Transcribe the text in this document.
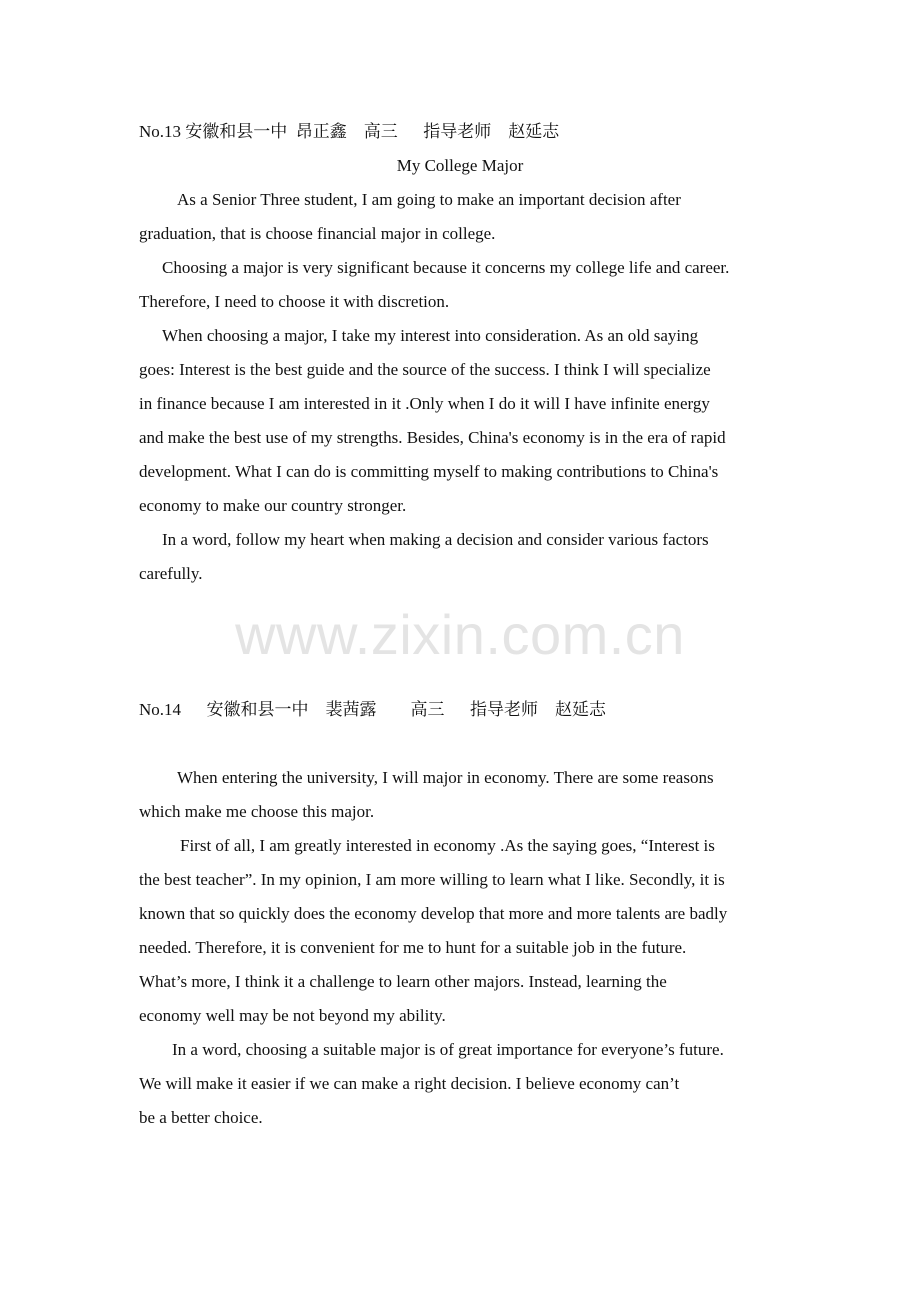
No.13 安徽和县一中  昂正鑫    高三      指导老师    赵延志
My College Major
As a Senior Three student, I am going to make an important decision after
graduation, that is choose financial major in college.
Choosing a major is very significant because it concerns my college life and career.
Therefore, I need to choose it with discretion.
When choosing a major, I take my interest into consideration. As an old saying
goes: Interest is the best guide and the source of the success. I think I will specialize
in finance because I am interested in it .Only when I do it will I have infinite energy
and make the best use of my strengths. Besides, China's economy is in the era of rapid
development. What I can do is committing myself to making contributions to China's
economy to make our country stronger.
In a word, follow my heart when making a decision and consider various factors
carefully.
www.zixin.com.cn
No.14      安徽和县一中    裴茜露        高三      指导老师    赵延志
When entering the university, I will major in economy. There are some reasons
which make me choose this major.
First of all, I am greatly interested in economy .As the saying goes, “Interest is
the best teacher”. In my opinion, I am more willing to learn what I like. Secondly, it is
known that so quickly does the economy develop that more and more talents are badly
needed. Therefore, it is convenient for me to hunt for a suitable job in the future.
What’s more, I think it a challenge to learn other majors. Instead, learning the
economy well may be not beyond my ability.
In a word, choosing a suitable major is of great importance for everyone’s future.
We will make it easier if we can make a right decision. I believe economy can’t
be a better choice.
